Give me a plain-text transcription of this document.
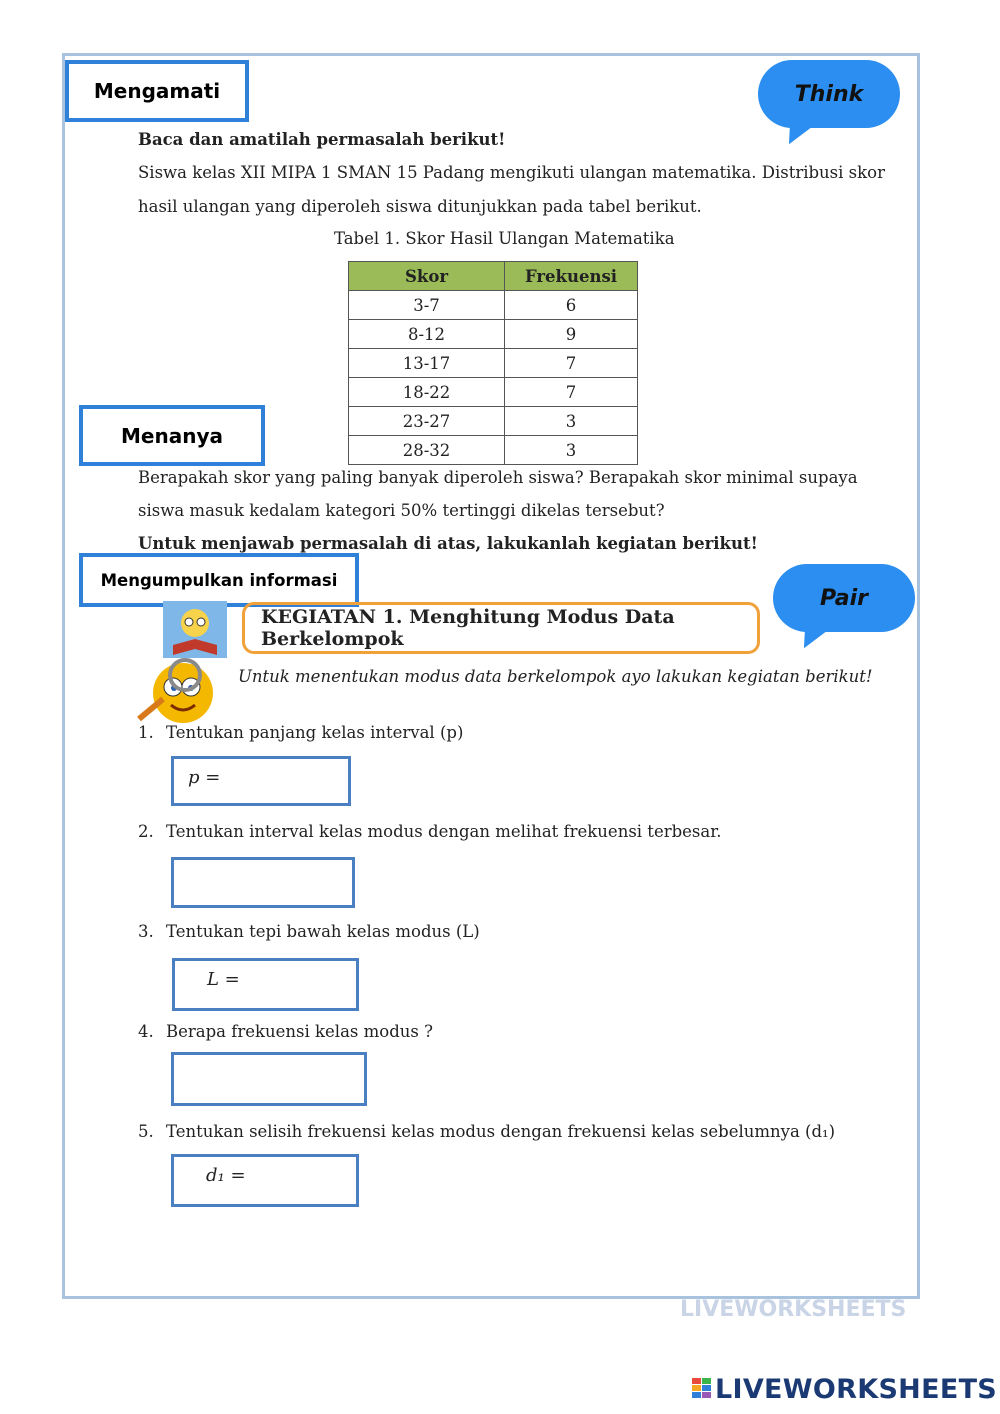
Mengamati
Menanya
Mengumpulkan informasi
Think
Pair
Baca dan amatilah permasalah berikut!
Siswa kelas XII MIPA 1 SMAN 15 Padang mengikuti ulangan matematika. Distribusi skor
hasil ulangan yang diperoleh siswa ditunjukkan pada tabel berikut.
Tabel 1. Skor Hasil Ulangan Matematika
Skor	Frekuensi
3-7	6
8-12	9
13-17	7
18-22	7
23-27	3
28-32	3
Berapakah skor yang paling banyak diperoleh siswa? Berapakah skor minimal supaya
siswa masuk kedalam kategori 50% tertinggi dikelas tersebut?
Untuk menjawab permasalah di atas, lakukanlah kegiatan berikut!
KEGIATAN 1. Menghitung Modus Data Berkelompok
Untuk menentukan modus data berkelompok ayo lakukan kegiatan berikut!
1. Tentukan panjang kelas interval (p)
p =
2. Tentukan interval kelas modus dengan melihat frekuensi terbesar.
3. Tentukan tepi bawah kelas modus (L)
L =
4. Berapa frekuensi kelas modus ?
5. Tentukan selisih frekuensi kelas modus dengan frekuensi kelas sebelumnya (d₁)
d₁ =
LIVEWORKSHEETS
LIVEWORKSHEETS
